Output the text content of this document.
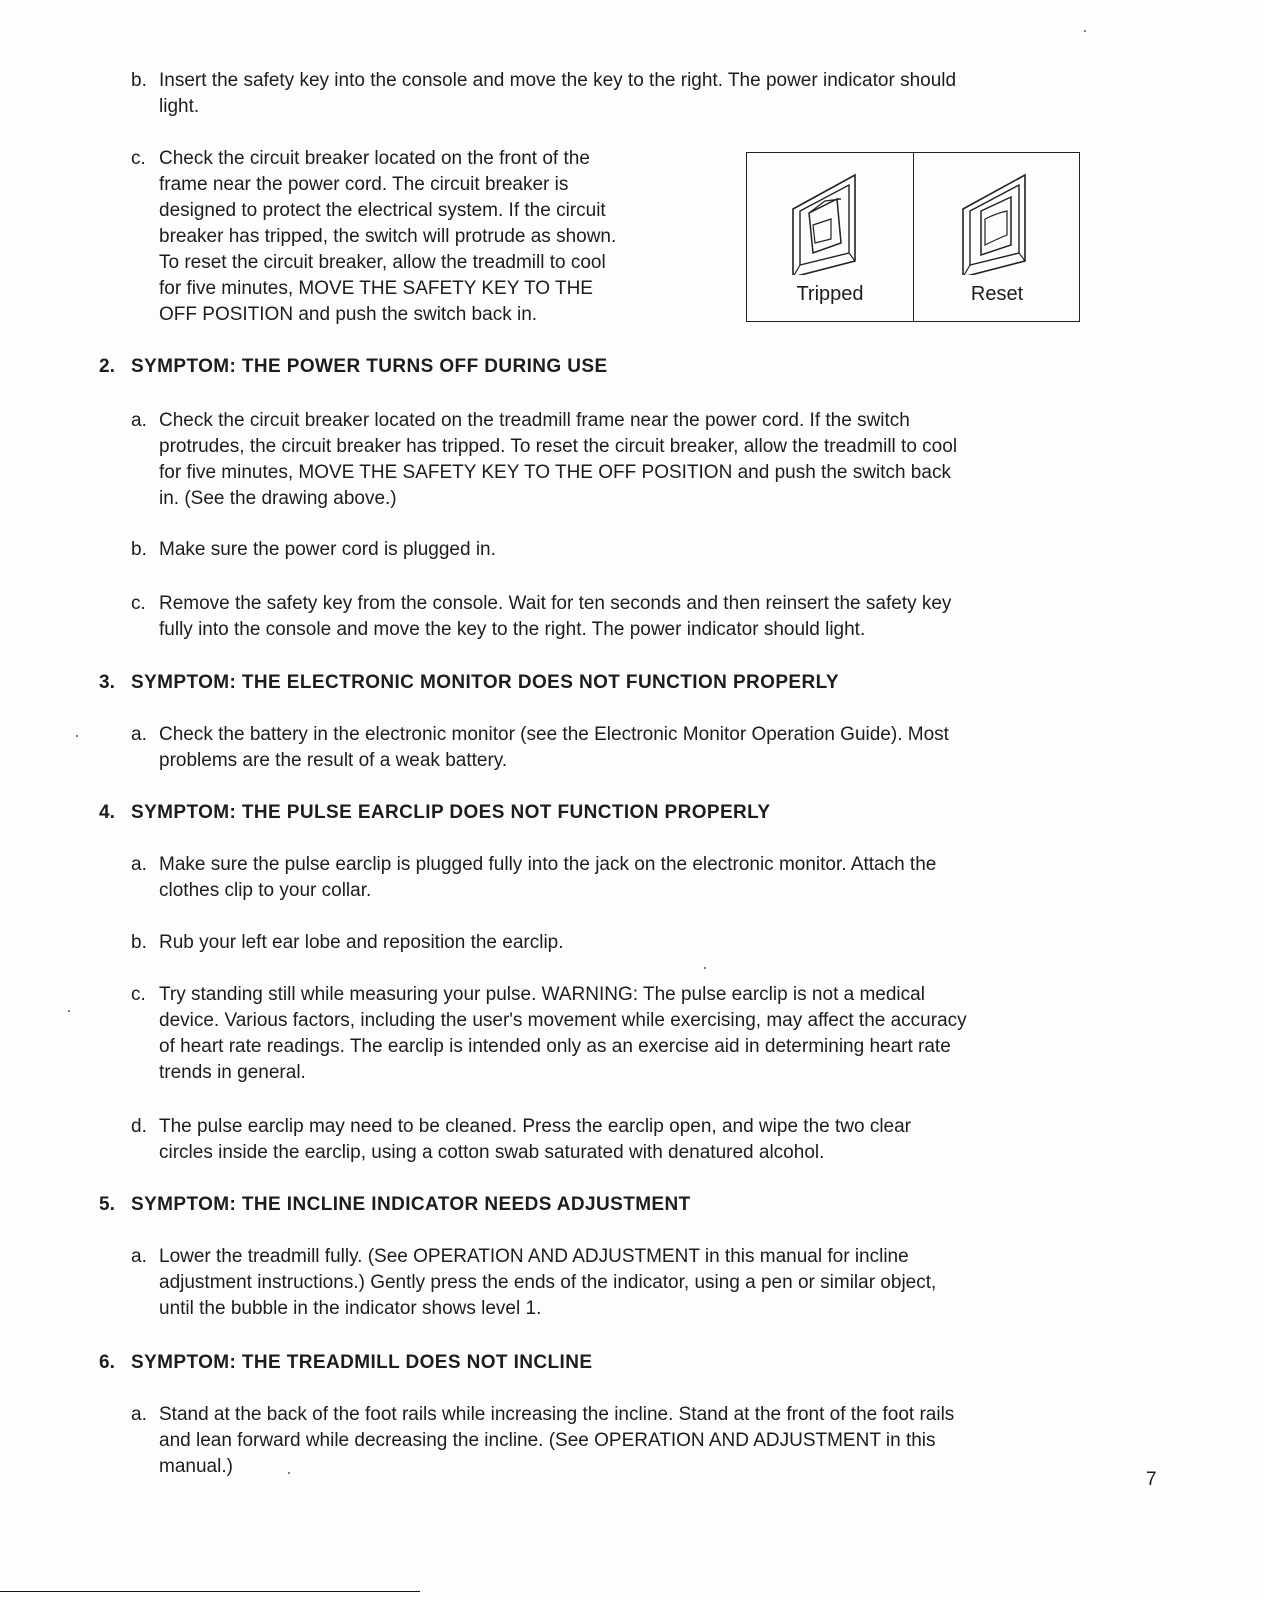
b. Insert the safety key into the console and move the key to the right. The power indicator should
light.
c. Check the circuit breaker located on the front of the
frame near the power cord. The circuit breaker is
designed to protect the electrical system. If the circuit
breaker has tripped, the switch will protrude as shown.
To reset the circuit breaker, allow the treadmill to cool
for five minutes, MOVE THE SAFETY KEY TO THE
OFF POSITION and push the switch back in.
Tripped	Reset
2. SYMPTOM: THE POWER TURNS OFF DURING USE
a. Check the circuit breaker located on the treadmill frame near the power cord. If the switch
protrudes, the circuit breaker has tripped. To reset the circuit breaker, allow the treadmill to cool
for five minutes, MOVE THE SAFETY KEY TO THE OFF POSITION and push the switch back
in. (See the drawing above.)
b. Make sure the power cord is plugged in.
c. Remove the safety key from the console. Wait for ten seconds and then reinsert the safety key
fully into the console and move the key to the right. The power indicator should light.
3. SYMPTOM: THE ELECTRONIC MONITOR DOES NOT FUNCTION PROPERLY
a. Check the battery in the electronic monitor (see the Electronic Monitor Operation Guide). Most
problems are the result of a weak battery.
4. SYMPTOM: THE PULSE EARCLIP DOES NOT FUNCTION PROPERLY
a. Make sure the pulse earclip is plugged fully into the jack on the electronic monitor. Attach the
clothes clip to your collar.
b. Rub your left ear lobe and reposition the earclip.
c. Try standing still while measuring your pulse. WARNING: The pulse earclip is not a medical
device. Various factors, including the user's movement while exercising, may affect the accuracy
of heart rate readings. The earclip is intended only as an exercise aid in determining heart rate
trends in general.
d. The pulse earclip may need to be cleaned. Press the earclip open, and wipe the two clear
circles inside the earclip, using a cotton swab saturated with denatured alcohol.
5. SYMPTOM: THE INCLINE INDICATOR NEEDS ADJUSTMENT
a. Lower the treadmill fully. (See OPERATION AND ADJUSTMENT in this manual for incline
adjustment instructions.) Gently press the ends of the indicator, using a pen or similar object,
until the bubble in the indicator shows level 1.
6. SYMPTOM: THE TREADMILL DOES NOT INCLINE
a. Stand at the back of the foot rails while increasing the incline. Stand at the front of the foot rails
and lean forward while decreasing the incline. (See OPERATION AND ADJUSTMENT in this
manual.)
7
